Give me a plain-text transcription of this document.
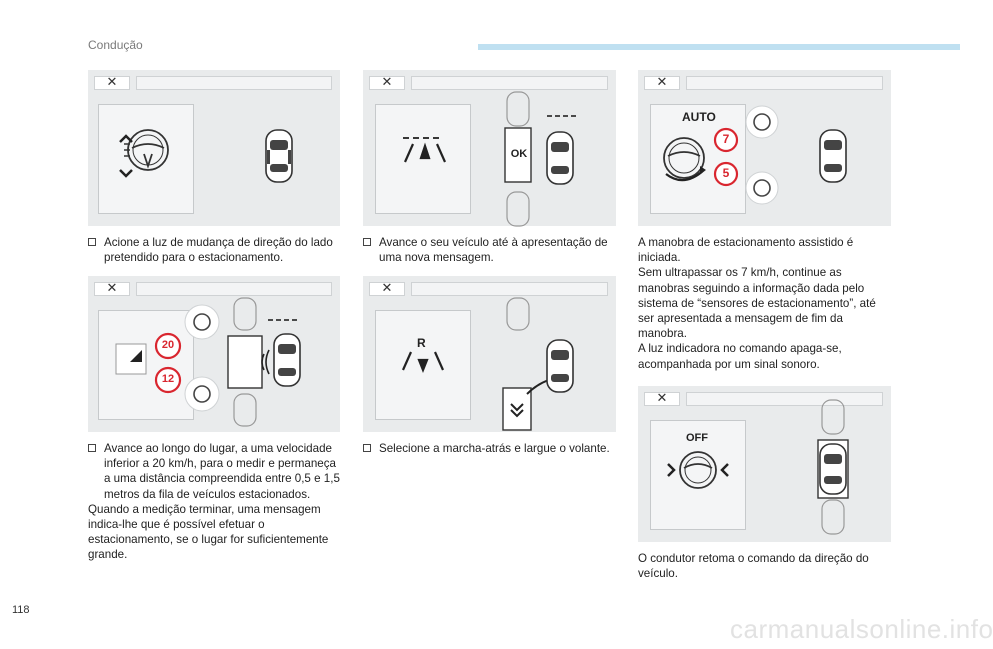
Condução
✕	✕
OK
✕
AUTO
7
5
Acione a luz de mudança de direção do lado pretendido para o estacionamento.
Avance o seu veículo até à apresentação de uma nova mensagem.
A manobra de estacionamento assistido é iniciada.
Sem ultrapassar os 7 km/h, continue as manobras seguindo a informação dada pelo sistema de “sensores de estacionamento”, até ser apresentada a mensagem de fim da manobra.
A luz indicadora no comando apaga-se, acompanhada por um sinal sonoro.
✕
20
12
✕
R
Avance ao longo do lugar, a uma velocidade inferior a 20 km/h, para o medir e permaneça a uma distância compreendida entre 0,5 e 1,5 metros da fila de veículos estacionados.
Quando a medição terminar, uma mensagem indica-lhe que é possível efetuar o estacionamento, se o lugar for suficientemente grande.
Selecione a marcha-atrás e largue o volante.
✕
OFF
O condutor retoma o comando da direção do veículo.
118
carmanualsonline.info
